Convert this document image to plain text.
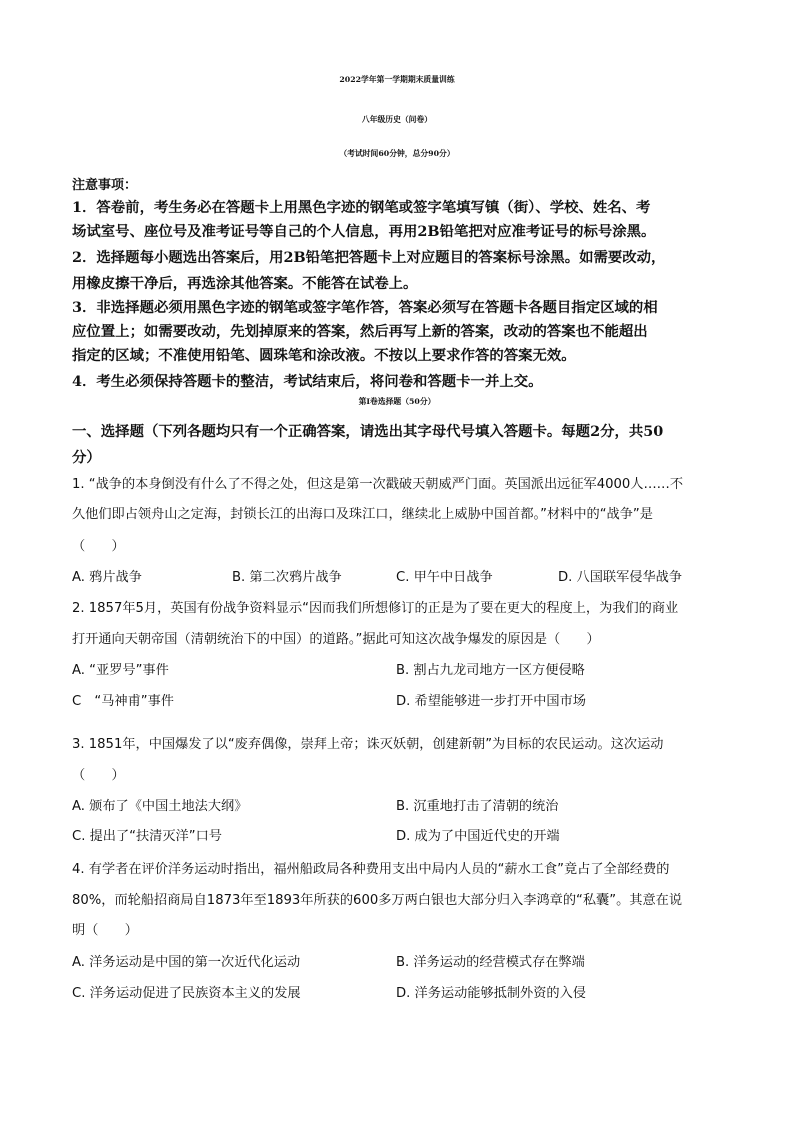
2022学年第一学期期末质量训练
八年级历史（问卷）
（考试时间60分钟，总分90分）
注意事项：
1．答卷前，考生务必在答题卡上用黑色字迹的钢笔或签字笔填写镇（街）、学校、姓名、考
场试室号、座位号及准考证号等自己的个人信息，再用2B铅笔把对应准考证号的标号涂黑。
2．选择题每小题选出答案后，用2B铅笔把答题卡上对应题目的答案标号涂黑。如需要改动，
用橡皮擦干净后，再选涂其他答案。不能答在试卷上。
3．非选择题必须用黑色字迹的钢笔或签字笔作答，答案必须写在答题卡各题目指定区域的相
应位置上；如需要改动，先划掉原来的答案，然后再写上新的答案，改动的答案也不能超出
指定的区域；不准使用铅笔、圆珠笔和涂改液。不按以上要求作答的答案无效。
4．考生必须保持答题卡的整洁，考试结束后，将问卷和答题卡一并上交。
第Ⅰ卷选择题（50分）
一、选择题（下列各题均只有一个正确答案，请选出其字母代号填入答题卡。每题2分，共50
分）
1. “战争的本身倒没有什么了不得之处，但这是第一次戳破天朝威严门面。英国派出远征军4000人……不
久他们即占领舟山之定海，封锁长江的出海口及珠江口，继续北上威胁中国首都。”材料中的“战争”是
（　　）
A. 鸦片战争	B. 第二次鸦片战争	C. 甲午中日战争	D. 八国联军侵华战争
2. 1857年5月，英国有份战争资料显示“因而我们所想修订的正是为了要在更大的程度上，为我们的商业
打开通向天朝帝国（清朝统治下的中国）的道路。”据此可知这次战争爆发的原因是（　　）
A. “亚罗号”事件	B. 割占九龙司地方一区方便侵略
C　“马神甫”事件	D. 希望能够进一步打开中国市场
3. 1851年，中国爆发了以“废弃偶像，崇拜上帝；诛灭妖朝，创建新朝”为目标的农民运动。这次运动
（　　）
A. 颁布了《中国土地法大纲》	B. 沉重地打击了清朝的统治
C. 提出了“扶清灭洋”口号	D. 成为了中国近代史的开端
4. 有学者在评价洋务运动时指出，福州船政局各种费用支出中局内人员的“薪水工食”竟占了全部经费的
80%，而轮船招商局自1873年至1893年所获的600多万两白银也大部分归入李鸿章的“私囊”。其意在说
明（　　）
A. 洋务运动是中国的第一次近代化运动	B. 洋务运动的经营模式存在弊端
C. 洋务运动促进了民族资本主义的发展	D. 洋务运动能够抵制外资的入侵
